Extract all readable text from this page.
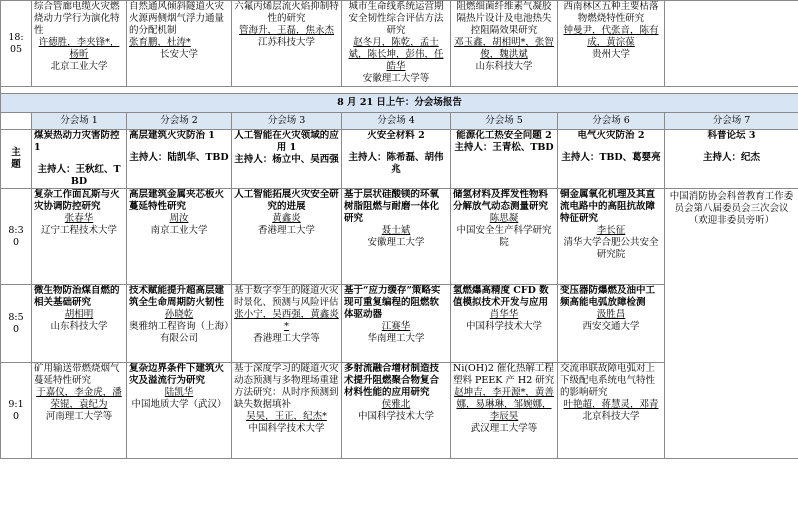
18:
05	综合管廊电缆火灾燃烧动力学行为演化特性
许德胜，李夹锋*，杨昕
北京工业大学	自然通风倾斜隧道火灾火源两侧烟气浮力通量的分配机制
张育鹏，杜涛*
长安大学	六氟丙烯层流火焰抑制特性的研究
管海升，王磊，焦永杰
江苏科技大学	城市生命线系统运营期安全韧性综合评估方法研究
赵冬月，陈乾，孟士斌，陈长坤，彭伟，任皓华
安徽理工大学等	阻燃细菌纤维素气凝胶隔热片设计及电池热失控阻隔效果研究
邓玉鑫，胡相明*，张智俊，魏洪斌
山东科技大学	西南林区五种主要枯落物燃烧特性研究
钟曼尹，代张音，陈有成，黄淙葆
贵州大学	

8 月 21 日上午：分会场报告							
	分会场 1	分会场 2	分会场 3	分会场 4	分会场 5	分会场 6	分会场 7
主
题	煤炭热动力灾害防控 1
主持人：王秋红、TBD	高层建筑火灾防治 1
主持人：陆凯华、TBD	人工智能在火灾领域的应用 1
主持人：杨立中、吴西强	火安全材料 2
主持人：陈希磊、胡伟兆	能源化工热安全问题 2
主持人：王青松、TBD	电气火灾防治 2
主持人：TBD、葛婴亮	科普论坛 3
主持人：纪杰

8:3
0	复杂工作面瓦斯与火灾协调防控研究
张春华
辽宁工程技术大学	高层建筑金属夹芯板火蔓延特性研究
周汝
南京工业大学	人工智能拓展火灾安全研究的进展
黄鑫炎
香港理工大学	基于层状硅酸镁的环氧树脂阻燃与耐磨一体化研究
聂士斌
安徽理工大学	储氢材料及挥发性物料分解放气动态测量研究
陈思凝
中国安全生产科学研究院	铜金属氧化机理及其直流电路中的高阻抗故障特征研究
李长征
清华大学合肥公共安全研究院	中国消防协会科普教育工作委员会第八届委员会三次会议（欢迎非委员旁听）

8:5
0	微生物防治煤自燃的相关基础研究
胡相明
山东科技大学	技术赋能提升超高层建筑全生命周期防火韧性
孙晓乾
奥雅纳工程咨询（上海）有限公司	基于数字孪生的隧道火灾时景化、预测与风险评估
张小宁，吴西强，黄鑫炎*
香港理工大学等	基于“应力缓存”策略实现可重复编程的阻燃软体驱动器
江赛华
华南理工大学	氢燃爆高精度 CFD 数值模拟技术开发与应用
肖华华
中国科学技术大学	变压器防爆燃及油中工频高能电弧放障检测
汲胜昌
西安交通大学	

9:1
0	矿用输送带燃烧烟气蔓延特性研究
于嘉仪，李金虎，潘荣锟，袁纪为
河南理工大学等	复杂边界条件下建筑火灾及溢流行为研究
陆凯华
中国地质大学（武汉）	基于深度学习的隧道火灾动态预测与多物理场重建方法研究：从时序预测到缺失数据填补
吴昊，王正，纪杰*
中国科学技术大学	多射流融合增材制造技术提升阻燃聚合物复合材料性能的应用研究
侯雅北
中国科学技术大学	Ni(OH)2 催化热解工程塑料 PEEK 产 H2 研究
赵坤吉，李开源*，黄善娜，易琳琳，邹婉娜，李辰昊
武汉理工大学等	交流串联故障电弧对上下级配电系统电气特性的影响研究
叶艳超，蒋慧灵，邓青
北京科技大学	
